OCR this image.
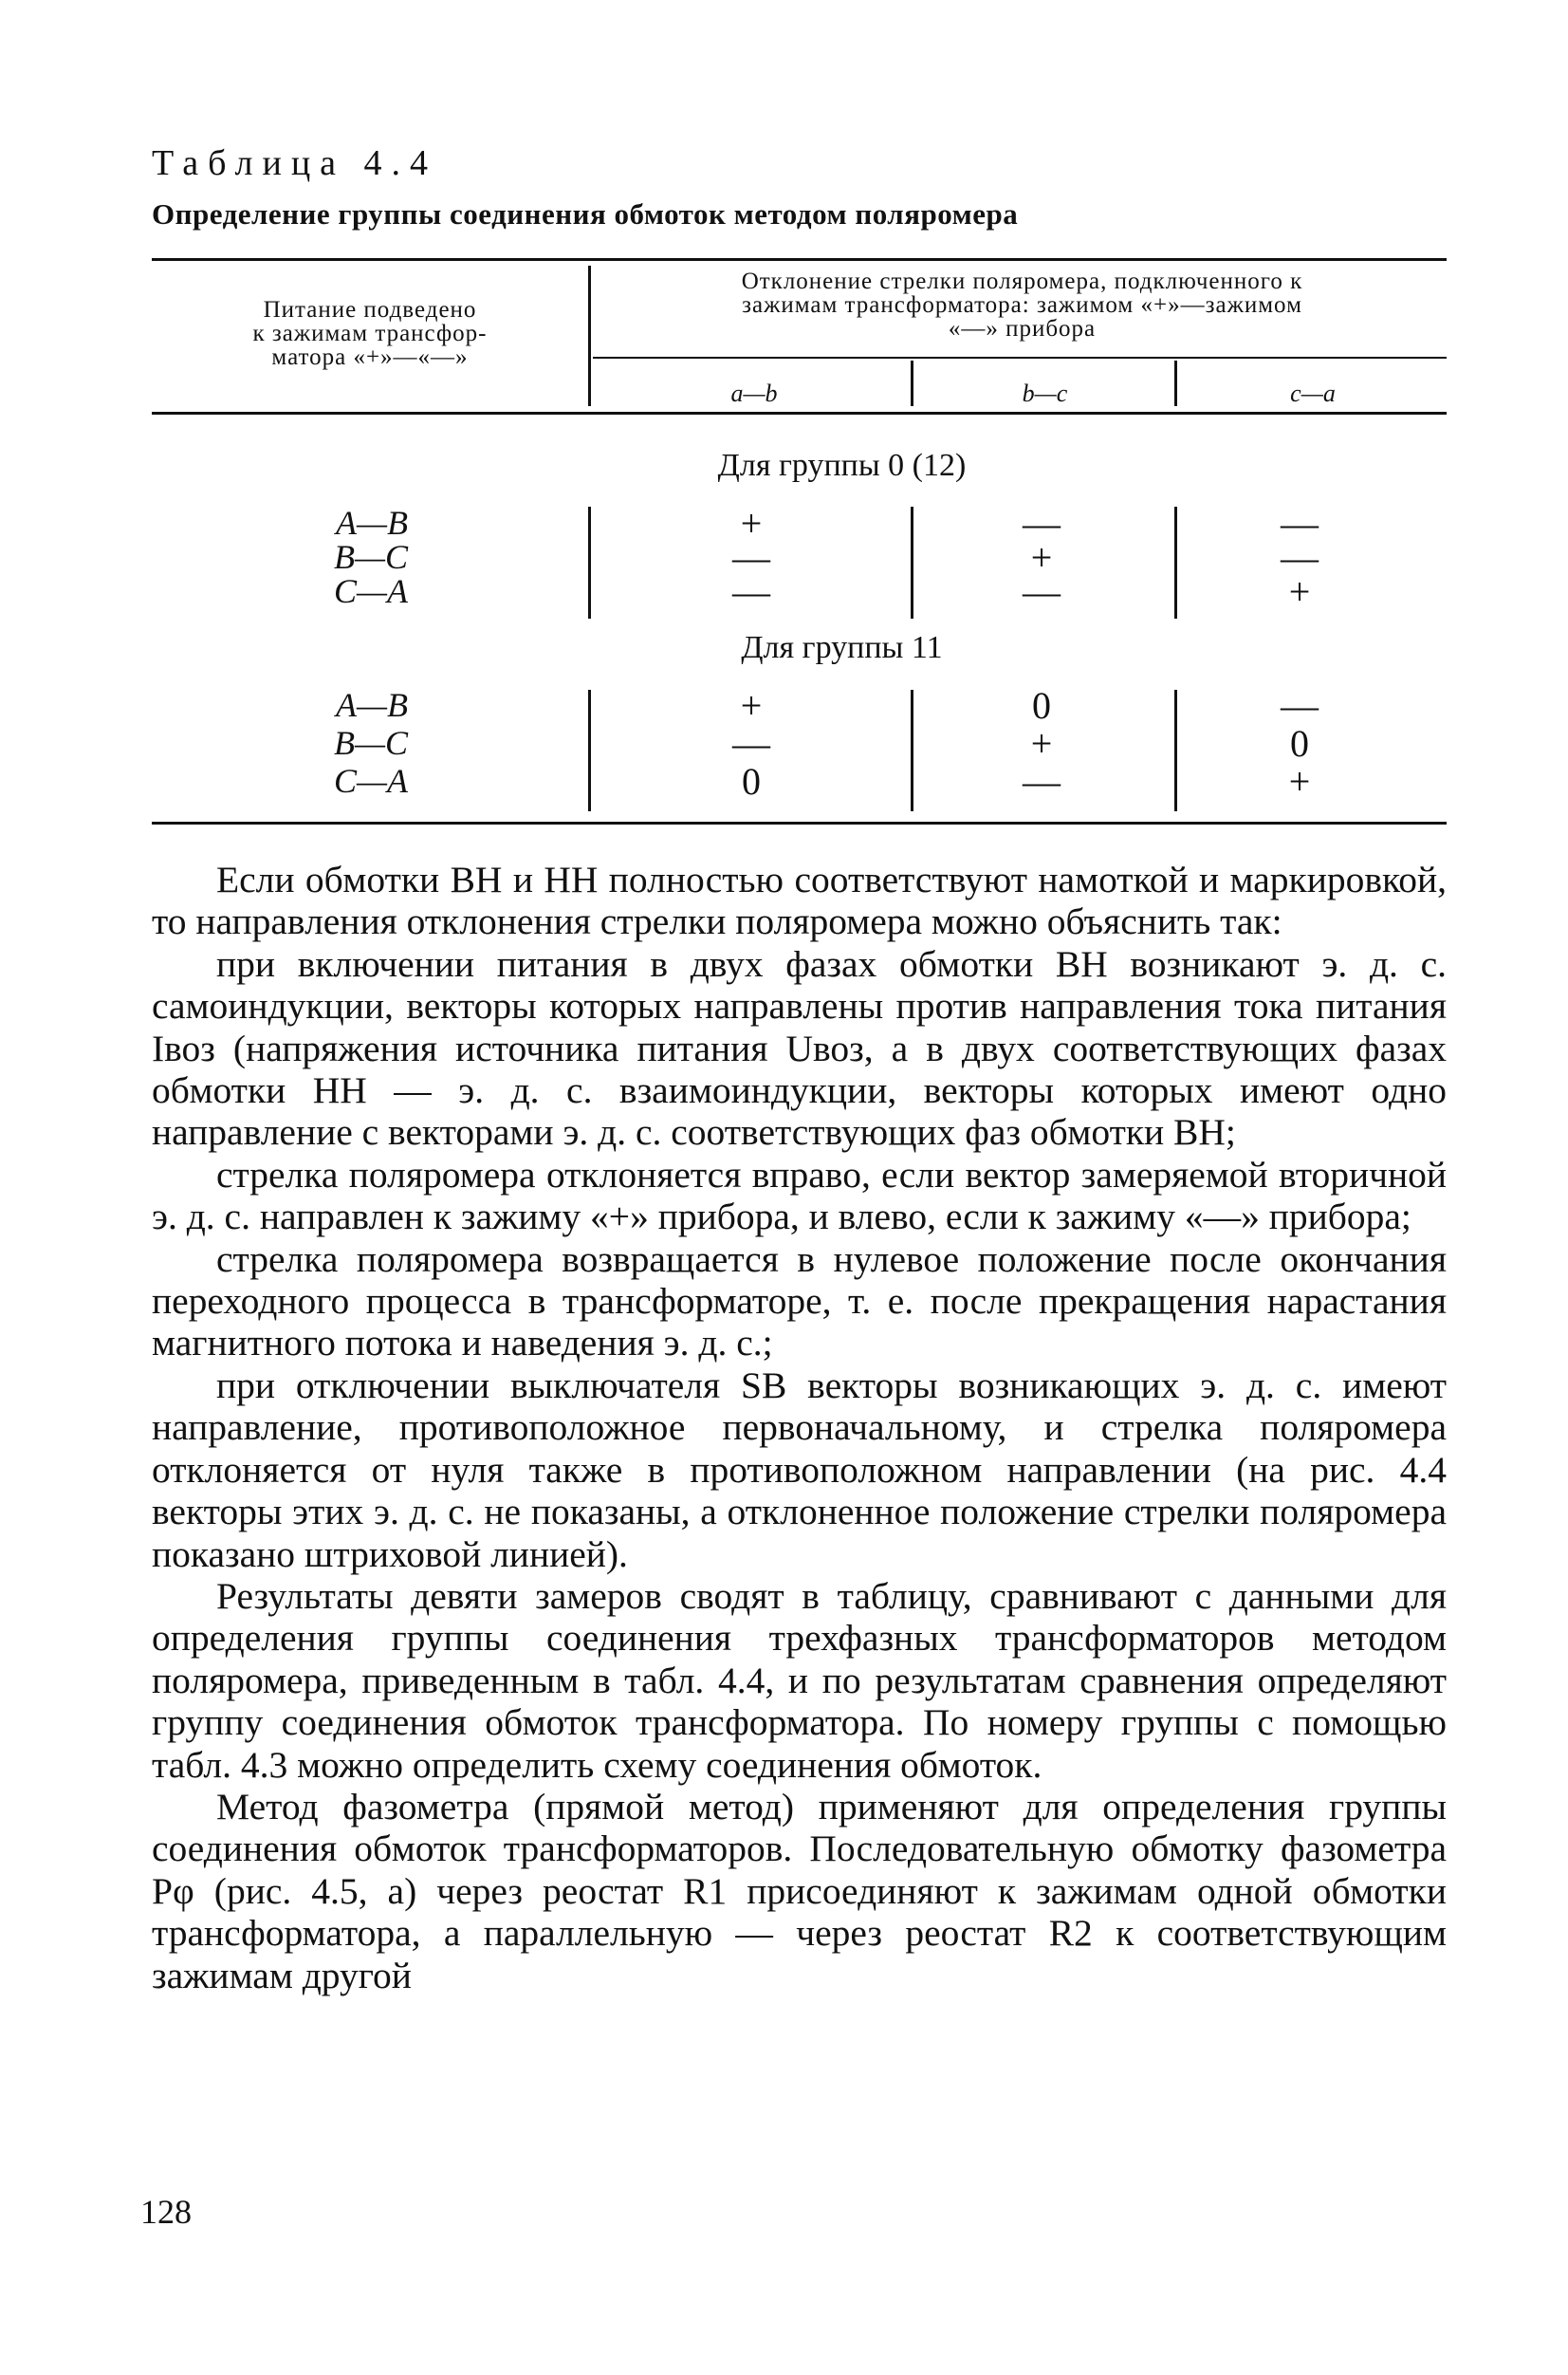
Таблица 4.4
Определение группы соединения обмоток методом поляромера
Питание подведено
к зажимам трансфор-
матора «+»—«—»
Отклонение стрелки поляромера, подключенного к
зажимам трансформатора: зажимом «+»—зажимом
«—» прибора
a—b	b—c	c—a
Для группы 0 (12)
A—B
B—C
C—A
+
—
—
—
+
—
—
—
+
Для группы 11
A—B
B—C
C—A
+
—
0
0
+
—
—
0
+

Если обмотки ВН и НН полностью соответствуют намоткой и маркировкой, то направления отклонения стрелки поляромера можно объяснить так:

при включении питания в двух фазах обмотки ВН возникают э. д. с. самоиндукции, векторы которых направлены против направления тока питания Iвоз (напряжения источника питания Uвоз, а в двух соответствующих фазах обмотки НН — э. д. с. взаимоиндукции, векторы которых имеют одно направление с векторами э. д. с. соответствующих фаз обмотки ВН;

стрелка поляромера отклоняется вправо, если вектор замеряемой вторичной э. д. с. направлен к зажиму «+» прибора, и влево, если к зажиму «—» прибора;

стрелка поляромера возвращается в нулевое положение после окончания переходного процесса в трансформаторе, т. е. после прекращения нарастания магнитного потока и наведения э. д. с.;

при отключении выключателя SB векторы возникающих э. д. с. имеют направление, противоположное первоначальному, и стрелка поляромера отклоняется от нуля также в противоположном направлении (на рис. 4.4 векторы этих э. д. с. не показаны, а отклоненное положение стрелки поляромера показано штриховой линией).

Результаты девяти замеров сводят в таблицу, сравнивают с данными для определения группы соединения трехфазных трансформаторов методом поляромера, приведенным в табл. 4.4, и по результатам сравнения определяют группу соединения обмоток трансформатора. По номеру группы с помощью табл. 4.3 можно определить схему соединения обмоток.

Метод фазометра (прямой метод) применяют для определения группы соединения обмоток трансформаторов. Последовательную обмотку фазометра Pφ (рис. 4.5, а) через реостат R1 присоединяют к зажимам одной обмотки трансформатора, а параллельную — через реостат R2 к соответствующим зажимам другой

128
